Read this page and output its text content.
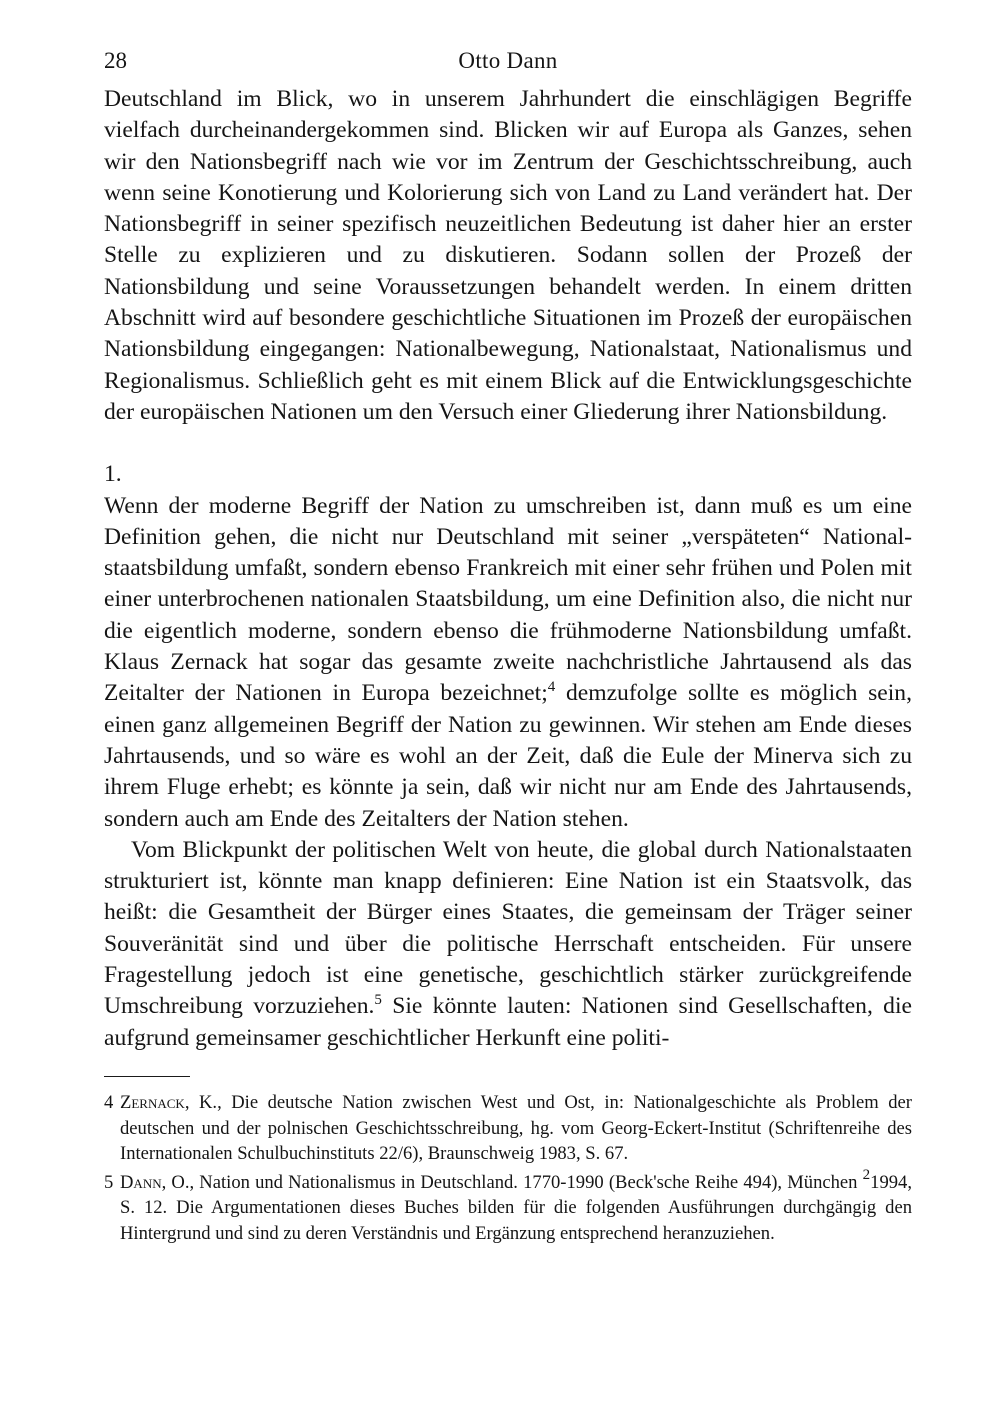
28	Otto Dann

Deutschland im Blick, wo in unserem Jahrhundert die einschlägigen Begriffe vielfach durcheinandergekommen sind. Blicken wir auf Europa als Ganzes, sehen wir den Nationsbegriff nach wie vor im Zentrum der Geschichtsschreibung, auch wenn seine Konotierung und Kolorierung sich von Land zu Land verändert hat. Der Nationsbegriff in seiner spezifisch neuzeitlichen Bedeutung ist daher hier an erster Stelle zu explizieren und zu diskutieren. Sodann sollen der Prozeß der Nationsbildung und seine Voraussetzungen behandelt werden. In einem dritten Abschnitt wird auf besondere geschichtliche Situationen im Prozeß der europäischen Nationsbildung eingegangen: Nationalbewegung, Nationalstaat, Nationalismus und Regionalismus. Schließlich geht es mit einem Blick auf die Entwicklungsgeschichte der europäischen Nationen um den Versuch einer Gliederung ihrer Nationsbildung.

1.

Wenn der moderne Begriff der Nation zu umschreiben ist, dann muß es um eine Definition gehen, die nicht nur Deutschland mit seiner „verspäteten“ Nationalstaatsbildung umfaßt, sondern ebenso Frankreich mit einer sehr frühen und Polen mit einer unterbrochenen nationalen Staatsbildung, um eine Definition also, die nicht nur die eigentlich moderne, sondern ebenso die frühmoderne Nationsbildung umfaßt. Klaus Zernack hat sogar das gesamte zweite nachchristliche Jahrtausend als das Zeitalter der Nationen in Europa bezeichnet;$^4$ demzufolge sollte es möglich sein, einen ganz allgemeinen Begriff der Nation zu gewinnen. Wir stehen am Ende dieses Jahrtausends, und so wäre es wohl an der Zeit, daß die Eule der Minerva sich zu ihrem Fluge erhebt; es könnte ja sein, daß wir nicht nur am Ende des Jahrtausends, sondern auch am Ende des Zeitalters der Nation stehen.

Vom Blickpunkt der politischen Welt von heute, die global durch Nationalstaaten strukturiert ist, könnte man knapp definieren: Eine Nation ist ein Staatsvolk, das heißt: die Gesamtheit der Bürger eines Staates, die gemeinsam der Träger seiner Souveränität sind und über die politische Herrschaft entscheiden. Für unsere Fragestellung jedoch ist eine genetische, geschichtlich stärker zurückgreifende Umschreibung vorzuziehen.$^5$ Sie könnte lauten: Nationen sind Gesellschaften, die aufgrund gemeinsamer geschichtlicher Herkunft eine politi-

4 Zernack, K., Die deutsche Nation zwischen West und Ost, in: Nationalgeschichte als Problem der deutschen und der polnischen Geschichtsschreibung, hg. vom Georg-Eckert-Institut (Schriftenreihe des Internationalen Schulbuchinstituts 22/6), Braunschweig 1983, S. 67.
5 Dann, O., Nation und Nationalismus in Deutschland. 1770-1990 (Beck'sche Reihe 494), München $^2$1994, S. 12. Die Argumentationen dieses Buches bilden für die folgenden Ausführungen durchgängig den Hintergrund und sind zu deren Verständnis und Ergänzung entsprechend heranzuziehen.
